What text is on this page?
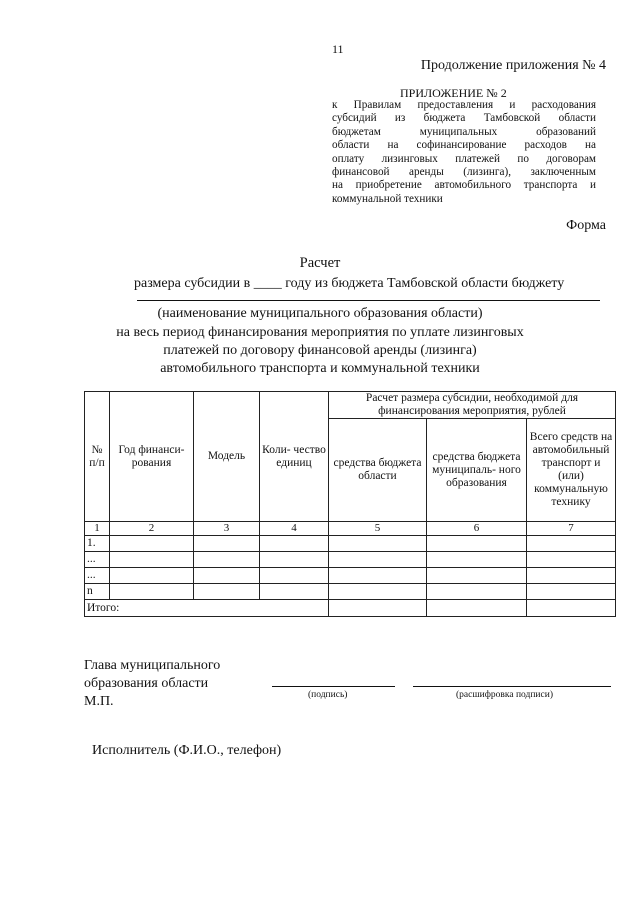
11
Продолжение приложения № 4
ПРИЛОЖЕНИЕ № 2
к Правилам предоставления и расходования
субсидий из бюджета Тамбовской области
бюджетам муниципальных образований
области на софинансирование расходов на
оплату лизинговых платежей по договорам
финансовой аренды (лизинга), заключенным
на приобретение автомобильного транспорта и
коммунальной техники
Форма
Расчет
размера субсидии в ____ году из бюджета Тамбовской области бюджету
(наименование муниципального образования области)
на весь период финансирования мероприятия по уплате лизинговых
платежей по договору финансовой аренды (лизинга)
автомобильного транспорта и коммунальной техники
№ п/п	Год финанси- рования	Модель	Коли- чество единиц	Расчет размера субсидии, необходимой для финансирования мероприятия, рублей		
				средства бюджета области	средства бюджета муниципаль- ного образования	Всего средств на автомобильный транспорт и (или) коммунальную технику
1	2	3	4	5	6	7
1.						
...						
...						
n						
Итого:						
Глава муниципального
образования области
М.П.	(подпись)	(расшифровка подписи)
Исполнитель (Ф.И.О., телефон)
